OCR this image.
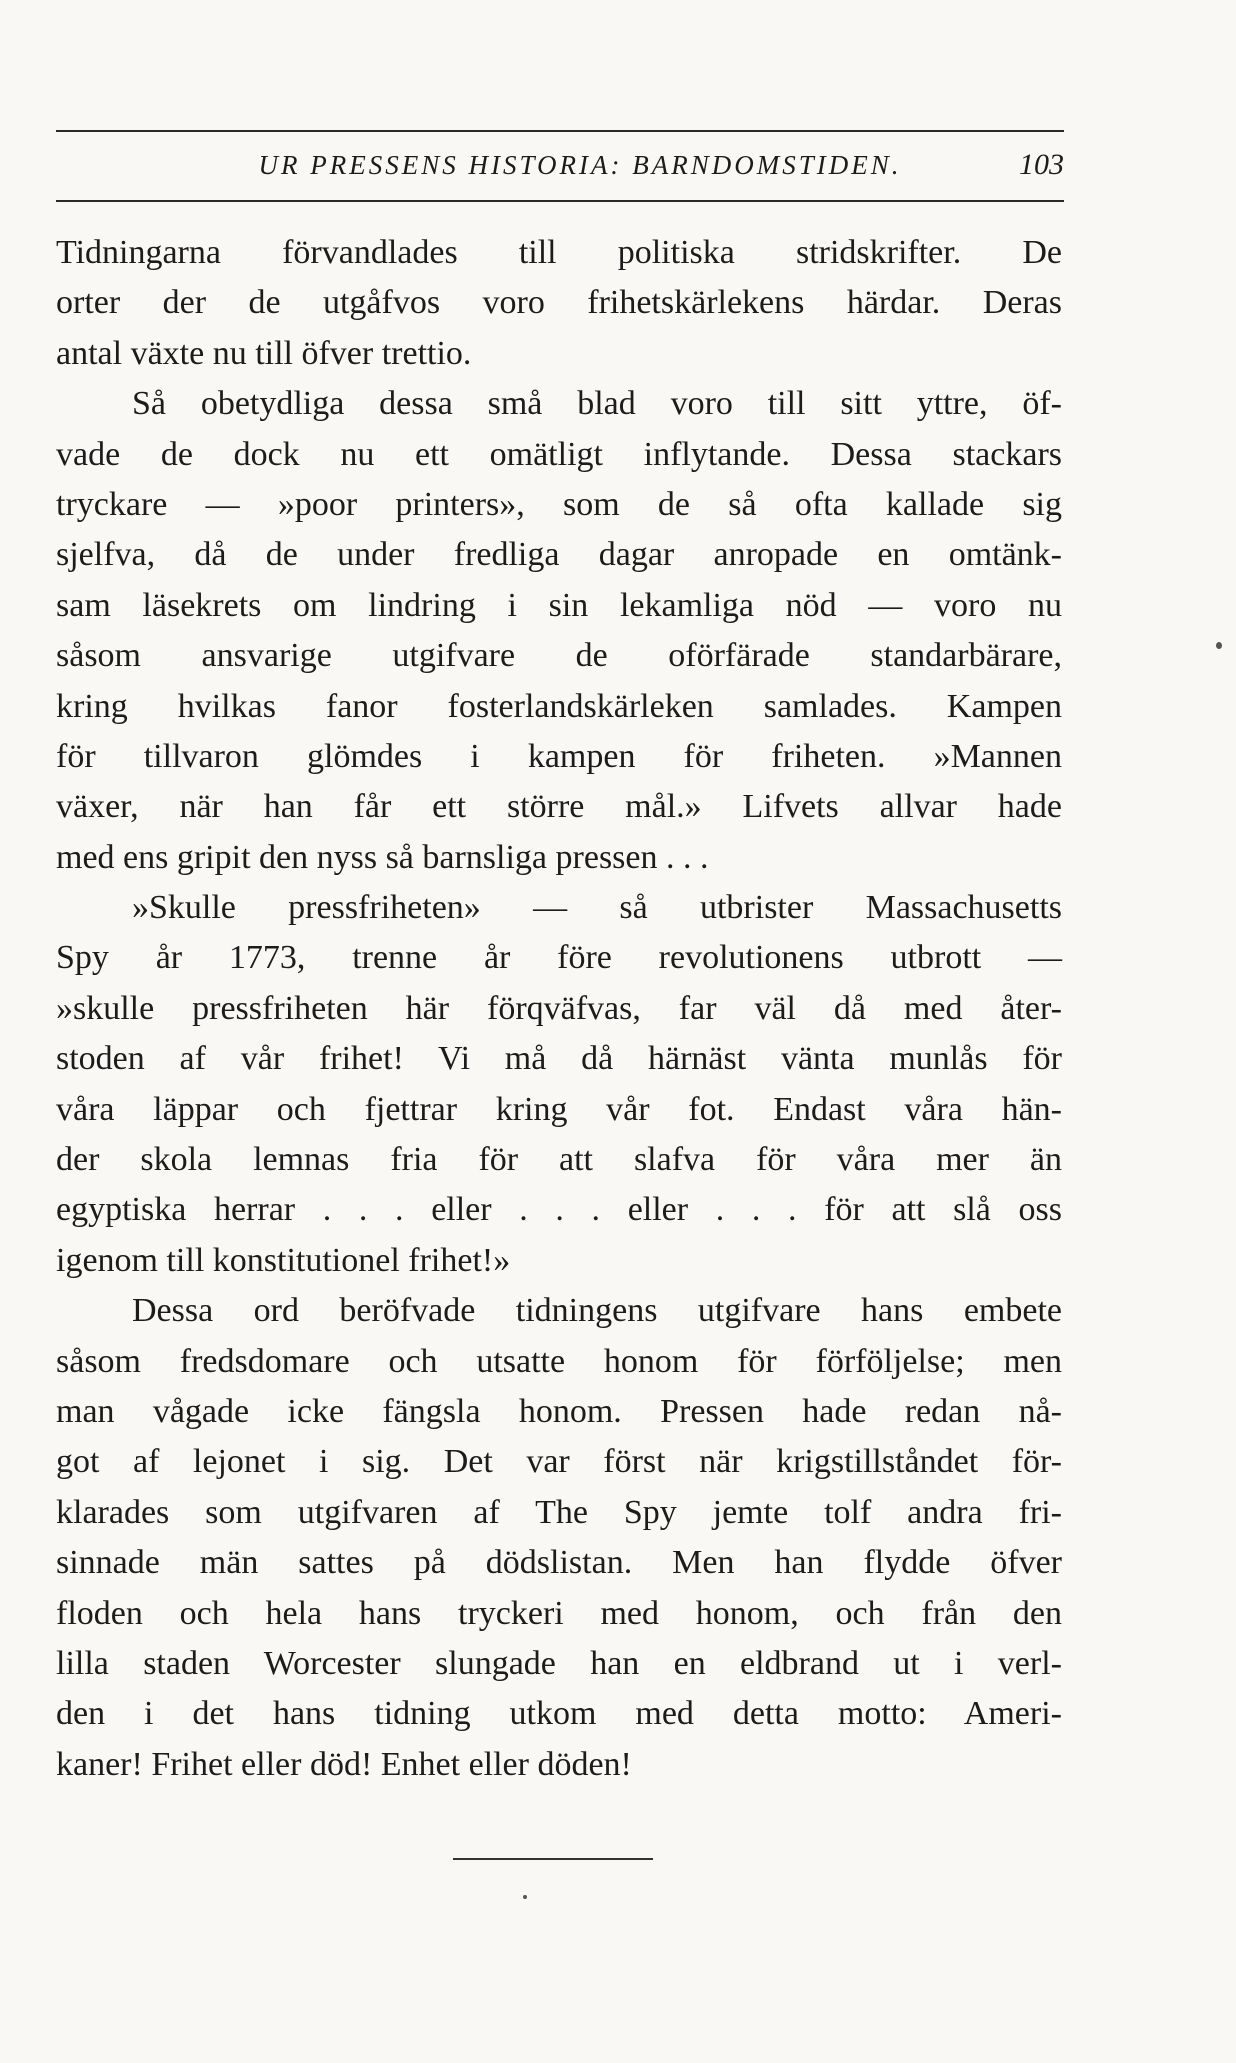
UR PRESSENS HISTORIA: BARNDOMSTIDEN.	103
Tidningarna förvandlades till politiska stridskrifter. De
orter der de utgåfvos voro frihetskärlekens härdar. Deras
antal växte nu till öfver trettio.
Så obetydliga dessa små blad voro till sitt yttre, öf-
vade de dock nu ett omätligt inflytande. Dessa stackars
tryckare — »poor printers», som de så ofta kallade sig
sjelfva, då de under fredliga dagar anropade en omtänk-
sam läsekrets om lindring i sin lekamliga nöd — voro nu
såsom ansvarige utgifvare de oförfärade standarbärare,
kring hvilkas fanor fosterlandskärleken samlades. Kampen
för tillvaron glömdes i kampen för friheten. »Mannen
växer, när han får ett större mål.» Lifvets allvar hade
med ens gripit den nyss så barnsliga pressen . . .
»Skulle pressfriheten» — så utbrister Massachusetts
Spy år 1773, trenne år före revolutionens utbrott —
»skulle pressfriheten här förqväfvas, far väl då med åter-
stoden af vår frihet! Vi må då härnäst vänta munlås för
våra läppar och fjettrar kring vår fot. Endast våra hän-
der skola lemnas fria för att slafva för våra mer än
egyptiska herrar . . . eller . . . eller . . . för att slå oss
igenom till konstitutionel frihet!»
Dessa ord beröfvade tidningens utgifvare hans embete
såsom fredsdomare och utsatte honom för förföljelse; men
man vågade icke fängsla honom. Pressen hade redan nå-
got af lejonet i sig. Det var först när krigstillståndet för-
klarades som utgifvaren af The Spy jemte tolf andra fri-
sinnade män sattes på dödslistan. Men han flydde öfver
floden och hela hans tryckeri med honom, och från den
lilla staden Worcester slungade han en eldbrand ut i verl-
den i det hans tidning utkom med detta motto: Ameri-
kaner! Frihet eller död! Enhet eller döden!
